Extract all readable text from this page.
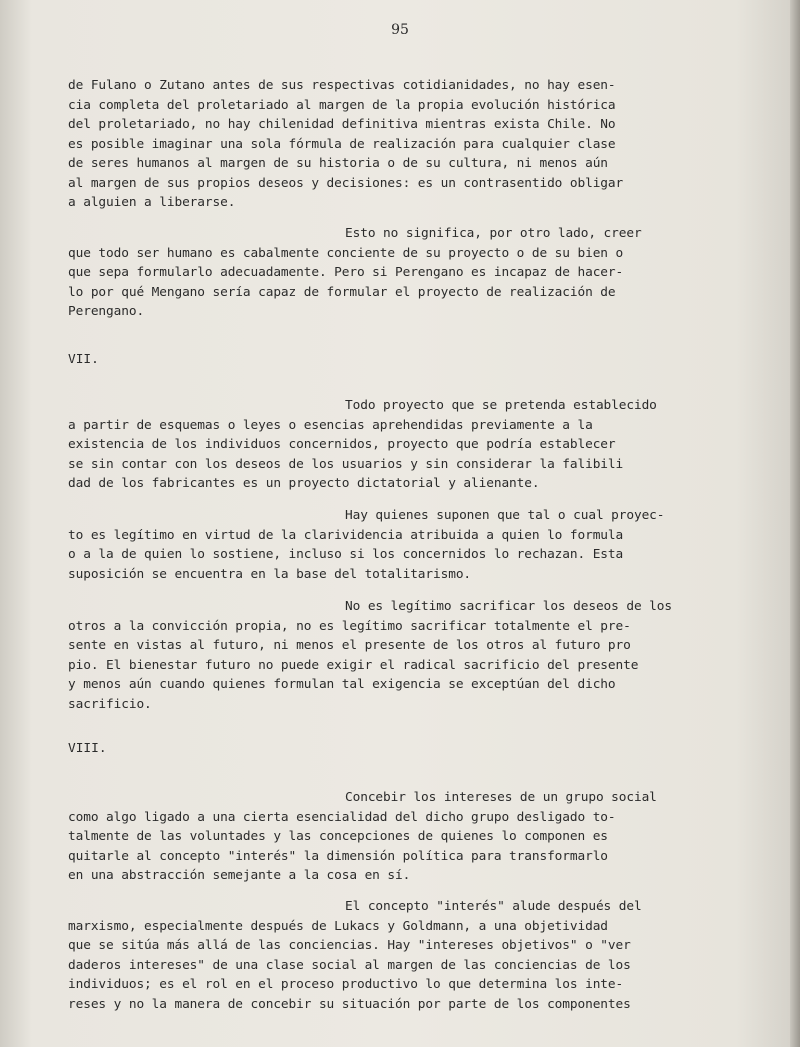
95
de Fulano o Zutano antes de sus respectivas cotidianidades, no hay esen-
cia completa del proletariado al margen de la propia evolución histórica
del proletariado, no hay chilenidad definitiva mientras exista Chile. No
es posible imaginar una sola fórmula de realización para cualquier clase
de seres humanos al margen de su historia o de su cultura, ni menos aún
al margen de sus propios deseos y decisiones: es un contrasentido obligar
a alguien a liberarse.
Esto no significa, por otro lado, creer
que todo ser humano es cabalmente conciente de su proyecto o de su bien o
que sepa formularlo adecuadamente. Pero si Perengano es incapaz de hacer-
lo por qué Mengano sería capaz de formular el proyecto de realización de
Perengano.
VII.
Todo proyecto que se pretenda establecido
a partir de esquemas o leyes o esencias aprehendidas previamente a la
existencia de los individuos concernidos, proyecto que podría establecer
se sin contar con los deseos de los usuarios y sin considerar la falibili
dad de los fabricantes es un proyecto dictatorial y alienante.
Hay quienes suponen que tal o cual proyec-
to es legítimo en virtud de la clarividencia atribuida a quien lo formula
o a la de quien lo sostiene, incluso si los concernidos lo rechazan. Esta
suposición se encuentra en la base del totalitarismo.
No es legítimo sacrificar los deseos de los
otros a la convicción propia, no es legítimo sacrificar totalmente el pre-
sente en vistas al futuro, ni menos el presente de los otros al futuro pro
pio. El bienestar futuro no puede exigir el radical sacrificio del presente
y menos aún cuando quienes formulan tal exigencia se exceptúan del dicho
sacrificio.
VIII.
Concebir los intereses de un grupo social
como algo ligado a una cierta esencialidad del dicho grupo desligado to-
talmente de las voluntades y las concepciones de quienes lo componen es
quitarle al concepto "interés" la dimensión política para transformarlo
en una abstracción semejante a la cosa en sí.
El concepto "interés" alude después del
marxismo, especialmente después de Lukacs y Goldmann, a una objetividad
que se sitúa más allá de las conciencias. Hay "intereses objetivos" o "ver
daderos intereses" de una clase social al margen de las conciencias de los
individuos; es el rol en el proceso productivo lo que determina los inte-
reses y no la manera de concebir su situación por parte de los componentes
